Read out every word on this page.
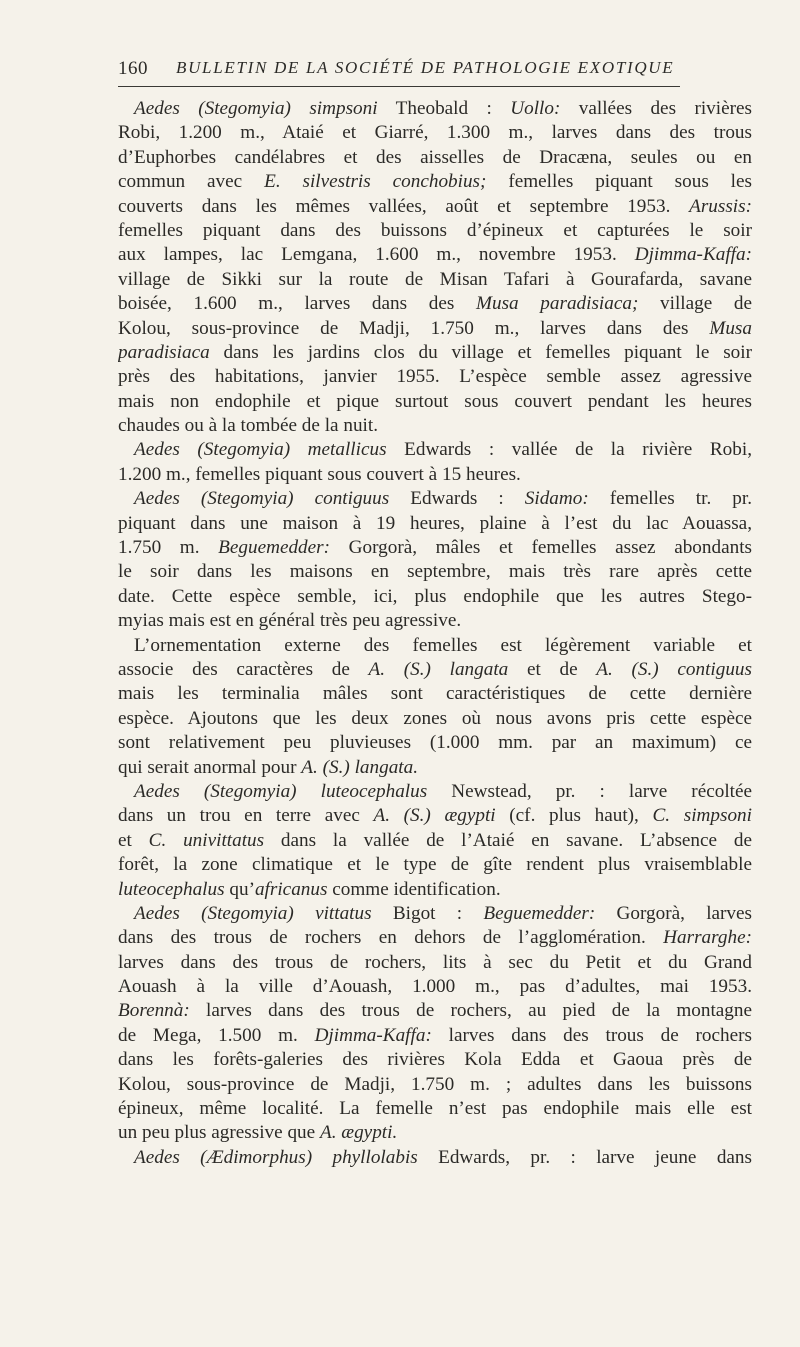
160 BULLETIN DE LA SOCIÉTÉ DE PATHOLOGIE EXOTIQUE
Aedes (Stegomyia) simpsoni Theobald : Uollo: vallées des rivières
Robi, 1.200 m., Ataié et Giarré, 1.300 m., larves dans des trous
d’Euphorbes candélabres et des aisselles de Dracæna, seules ou en
commun avec E. silvestris conchobius; femelles piquant sous les
couverts dans les mêmes vallées, août et septembre 1953. Arussis:
femelles piquant dans des buissons d’épineux et capturées le soir
aux lampes, lac Lemgana, 1.600 m., novembre 1953. Djimma-Kaffa:
village de Sikki sur la route de Misan Tafari à Gourafarda, savane
boisée, 1.600 m., larves dans des Musa paradisiaca; village de
Kolou, sous-province de Madji, 1.750 m., larves dans des Musa
paradisiaca dans les jardins clos du village et femelles piquant le soir
près des habitations, janvier 1955. L’espèce semble assez agressive
mais non endophile et pique surtout sous couvert pendant les heures
chaudes ou à la tombée de la nuit.
Aedes (Stegomyia) metallicus Edwards : vallée de la rivière Robi,
1.200 m., femelles piquant sous couvert à 15 heures.
Aedes (Stegomyia) contiguus Edwards : Sidamo: femelles tr. pr.
piquant dans une maison à 19 heures, plaine à l’est du lac Aouassa,
1.750 m. Beguemedder: Gorgorà, mâles et femelles assez abondants
le soir dans les maisons en septembre, mais très rare après cette
date. Cette espèce semble, ici, plus endophile que les autres Stego-
myias mais est en général très peu agressive.
L’ornementation externe des femelles est légèrement variable et
associe des caractères de A. (S.) langata et de A. (S.) contiguus
mais les terminalia mâles sont caractéristiques de cette dernière
espèce. Ajoutons que les deux zones où nous avons pris cette espèce
sont relativement peu pluvieuses (1.000 mm. par an maximum) ce
qui serait anormal pour A. (S.) langata.
Aedes (Stegomyia) luteocephalus Newstead, pr. : larve récoltée
dans un trou en terre avec A. (S.) ægypti (cf. plus haut), C. simpsoni
et C. univittatus dans la vallée de l’Ataié en savane. L’absence de
forêt, la zone climatique et le type de gîte rendent plus vraisemblable
luteocephalus qu’africanus comme identification.
Aedes (Stegomyia) vittatus Bigot : Beguemedder: Gorgorà, larves
dans des trous de rochers en dehors de l’agglomération. Harrarghe:
larves dans des trous de rochers, lits à sec du Petit et du Grand
Aouash à la ville d’Aouash, 1.000 m., pas d’adultes, mai 1953.
Borennà: larves dans des trous de rochers, au pied de la montagne
de Mega, 1.500 m. Djimma-Kaffa: larves dans des trous de rochers
dans les forêts-galeries des rivières Kola Edda et Gaoua près de
Kolou, sous-province de Madji, 1.750 m. ; adultes dans les buissons
épineux, même localité. La femelle n’est pas endophile mais elle est
un peu plus agressive que A. ægypti.
Aedes (Ædimorphus) phyllolabis Edwards, pr. : larve jeune dans
